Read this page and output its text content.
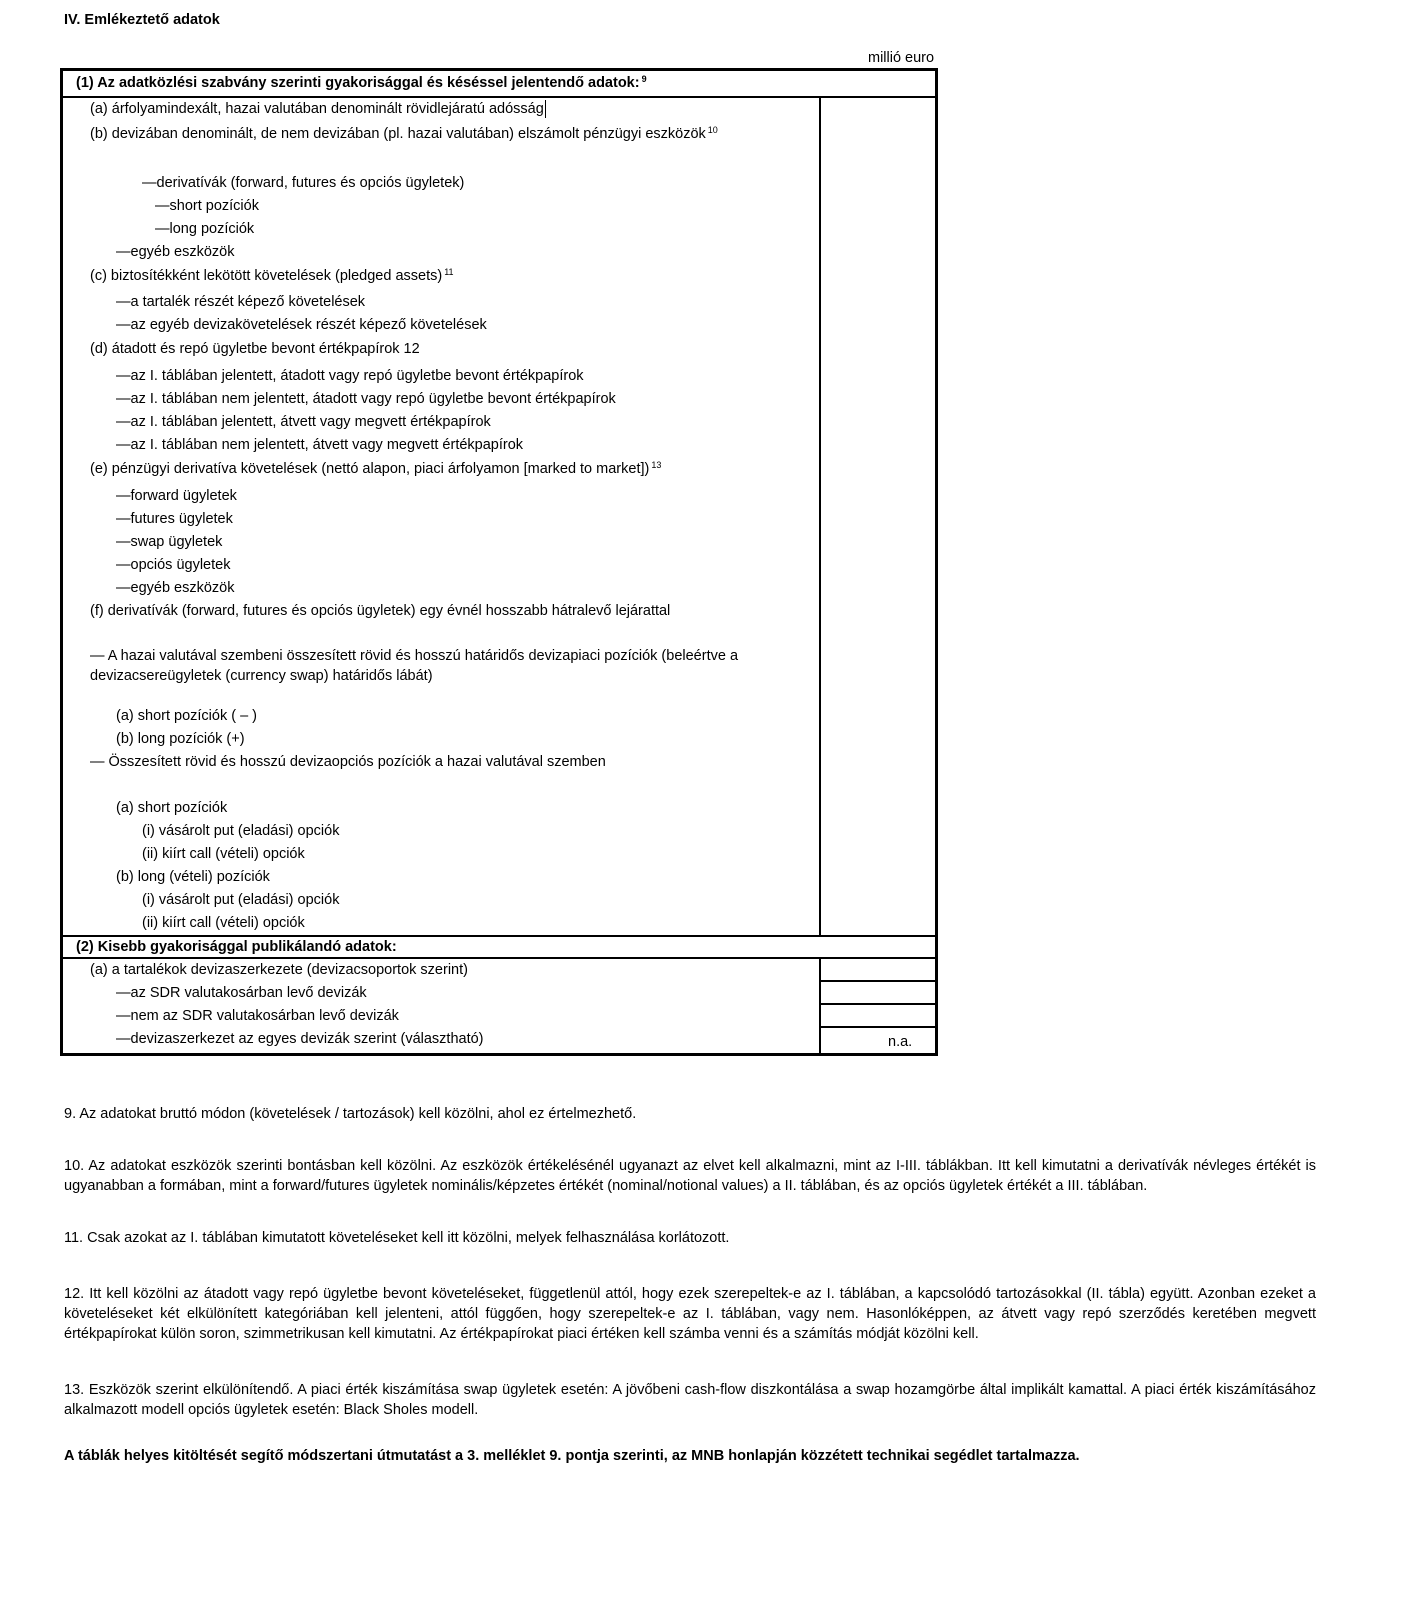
IV. Emlékeztető adatok
millió euro
(1) Az adatközlési szabvány szerinti gyakorisággal és késéssel jelentendő adatok: $^9$
(a) árfolyamindexált, hazai valutában denominált rövidlejáratú adósság
(b) devizában denominált, de nem devizában (pl. hazai valutában) elszámolt pénzügyi eszközök $^{10}$
—derivatívák (forward, futures és opciós ügyletek)
—short pozíciók
—long pozíciók
—egyéb eszközök
(c) biztosítékként lekötött követelések (pledged assets) $^{11}$
—a tartalék részét képező követelések
—az egyéb devizakövetelések részét képező követelések
(d) átadott és repó ügyletbe bevont értékpapírok 12
—az I. táblában jelentett, átadott vagy repó ügyletbe bevont értékpapírok
—az I. táblában nem jelentett, átadott vagy repó ügyletbe bevont értékpapírok
—az I. táblában jelentett, átvett vagy megvett értékpapírok
—az I. táblában nem jelentett, átvett vagy megvett értékpapírok
(e) pénzügyi derivatíva követelések (nettó alapon, piaci árfolyamon [marked to market]) $^{13}$
—forward ügyletek
—futures ügyletek
—swap ügyletek
—opciós ügyletek
—egyéb eszközök
(f) derivatívák (forward, futures és opciós ügyletek) egy évnél hosszabb hátralevő lejárattal
— A hazai valutával szembeni összesített rövid és hosszú határidős devizapiaci pozíciók (beleértve a devizacsereügyletek (currency swap) határidős lábát)
(a) short pozíciók ( – )
(b) long pozíciók (+)
— Összesített rövid és hosszú devizaopciós pozíciók a hazai valutával szemben
(a) short pozíciók
(i) vásárolt put (eladási) opciók
(ii) kiírt call (vételi) opciók
(b) long (vételi) pozíciók
(i) vásárolt put (eladási) opciók
(ii) kiírt call (vételi) opciók
(2) Kisebb gyakorisággal publikálandó adatok:
(a) a tartalékok devizaszerkezete (devizacsoportok szerint)
—az SDR valutakosárban levő devizák
—nem az SDR valutakosárban levő devizák
—devizaszerkezet az egyes devizák szerint (választható)	n.a.
9. Az adatokat bruttó módon (követelések / tartozások) kell közölni, ahol ez értelmezhető.
10. Az adatokat eszközök szerinti bontásban kell közölni. Az eszközök értékelésénél ugyanazt az elvet kell alkalmazni, mint az I-III. táblákban. Itt kell kimutatni a derivatívák névleges értékét is ugyanabban a formában, mint a forward/futures ügyletek nominális/képzetes értékét (nominal/notional values) a II. táblában, és az opciós ügyletek értékét a III. táblában.
11. Csak azokat az I. táblában kimutatott követeléseket kell itt közölni, melyek felhasználása korlátozott.
12. Itt kell közölni az átadott vagy repó ügyletbe bevont követeléseket, függetlenül attól, hogy ezek szerepeltek-e az I. táblában, a kapcsolódó tartozásokkal (II. tábla) együtt. Azonban ezeket a követeléseket két elkülönített kategóriában kell jelenteni, attól függően, hogy szerepeltek-e az I. táblában, vagy nem. Hasonlóképpen, az átvett vagy repó szerződés keretében megvett értékpapírokat külön soron, szimmetrikusan kell kimutatni. Az értékpapírokat piaci értéken kell számba venni és a számítás módját közölni kell.
13. Eszközök szerint elkülönítendő. A piaci érték kiszámítása swap ügyletek esetén: A jövőbeni cash-flow diszkontálása a swap hozamgörbe által implikált kamattal. A piaci érték kiszámításához alkalmazott modell opciós ügyletek esetén: Black Sholes modell.
A táblák helyes kitöltését segítő módszertani útmutatást a 3. melléklet 9. pontja szerinti, az MNB honlapján közzétett technikai segédlet tartalmazza.
